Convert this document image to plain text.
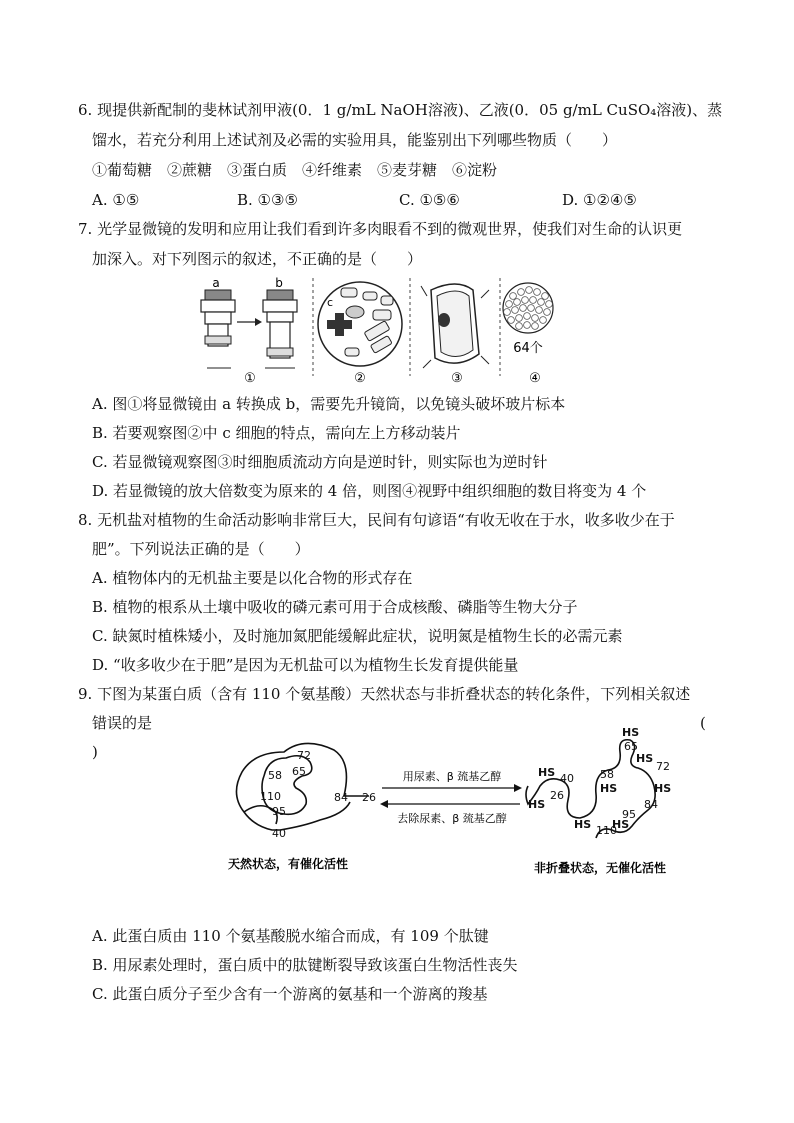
6. 现提供新配制的斐林试剂甲液(0．1 g/mL NaOH溶液)、乙液(0．05 g/mL CuSO₄溶液)、蒸
馏水，若充分利用上述试剂及必需的实验用具，能鉴别出下列哪些物质（　　）
①葡萄糖　②蔗糖　③蛋白质　④纤维素　⑤麦芽糖　⑥淀粉
A. ①⑤	B. ①③⑤	C. ①⑤⑥	D. ①②④⑤
7. 光学显微镜的发明和应用让我们看到许多肉眼看不到的微观世界，使我们对生命的认识更
加深入。对下列图示的叙述，不正确的是（　　）
a	b
①
c
②	③
64个
④
A. 图①将显微镜由 a 转换成 b，需要先升镜筒，以免镜头破坏玻片标本
B. 若要观察图②中 c 细胞的特点，需向左上方移动装片
C. 若显微镜观察图③时细胞质流动方向是逆时针，则实际也为逆时针
D. 若显微镜的放大倍数变为原来的 4 倍，则图④视野中组织细胞的数目将变为 4 个
8. 无机盐对植物的生命活动影响非常巨大，民间有句谚语“有收无收在于水，收多收少在于
肥”。下列说法正确的是（　　）
A. 植物体内的无机盐主要是以化合物的形式存在
B. 植物的根系从土壤中吸收的磷元素可用于合成核酸、磷脂等生物大分子
C. 缺氮时植株矮小，及时施加氮肥能缓解此症状，说明氮是植物生长的必需元素
D. “收多收少在于肥”是因为无机盐可以为植物生长发育提供能量
9. 下图为某蛋白质（含有 110 个氨基酸）天然状态与非折叠状态的转化条件，下列相关叙述
错误的是	(
)	72
65
58
110
95
84 26
40
用尿素、β 巯基乙醇
去除尿素、β 巯基乙醇
HS
65
HS 40 58
HS
HS
26
HS
72
HS
95
84
HS
HS 110
天然状态，有催化活性	非折叠状态，无催化活性
A. 此蛋白质由 110 个氨基酸脱水缩合而成，有 109 个肽键
B. 用尿素处理时，蛋白质中的肽键断裂导致该蛋白生物活性丧失
C. 此蛋白质分子至少含有一个游离的氨基和一个游离的羧基
